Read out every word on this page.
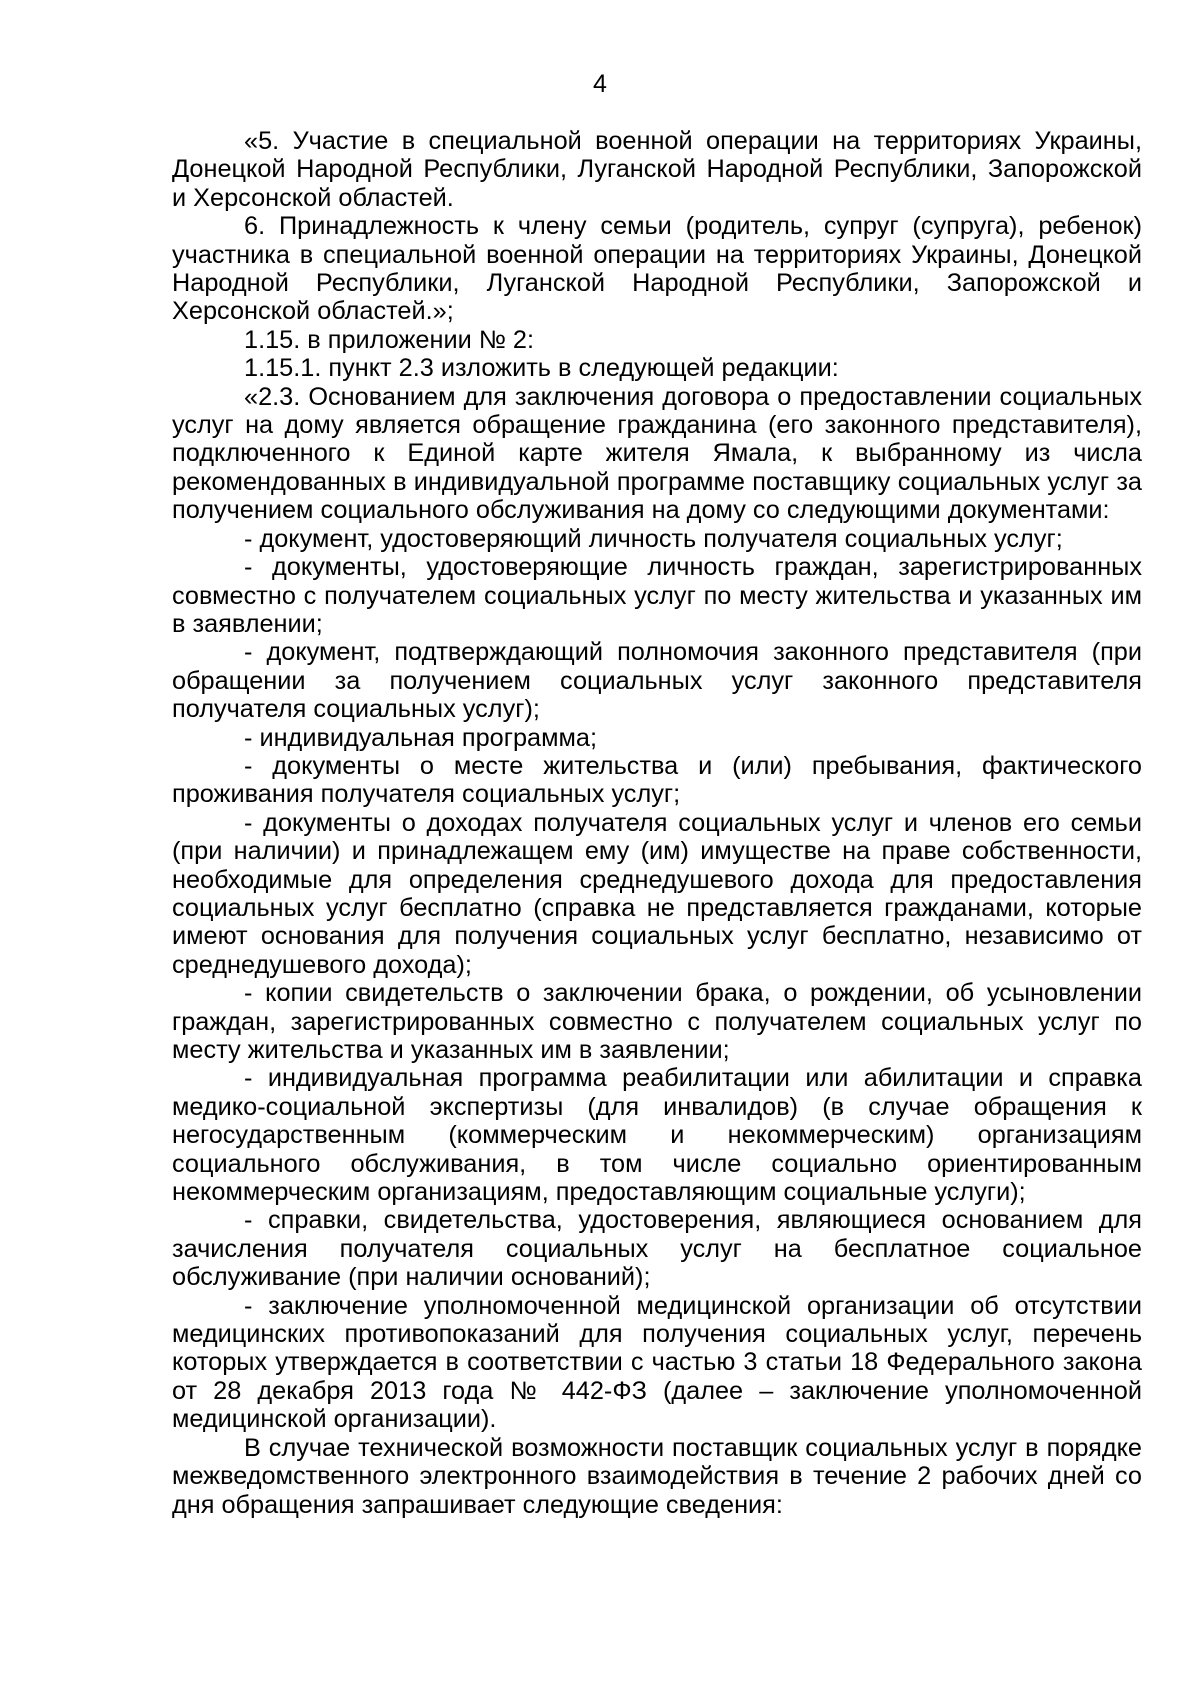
4

«5. Участие в специальной военной операции на территориях Украины, Донецкой Народной Республики, Луганской Народной Республики, Запорожской и Херсонской областей.

6. Принадлежность к члену семьи (родитель, супруг (супруга), ребенок) участника в специальной военной операции на территориях Украины, Донецкой Народной Республики, Луганской Народной Республики, Запорожской и Херсонской областей.»;

1.15. в приложении № 2:

1.15.1. пункт 2.3 изложить в следующей редакции:

«2.3. Основанием для заключения договора о предоставлении социальных услуг на дому является обращение гражданина (его законного представителя), подключенного к Единой карте жителя Ямала, к выбранному из числа рекомендованных в индивидуальной программе поставщику социальных услуг за получением социального обслуживания на дому со следующими документами:

- документ, удостоверяющий личность получателя социальных услуг;

- документы, удостоверяющие личность граждан, зарегистрированных совместно с получателем социальных услуг по месту жительства и указанных им в заявлении;

- документ, подтверждающий полномочия законного представителя (при обращении за получением социальных услуг законного представителя получателя социальных услуг);

- индивидуальная программа;

- документы о месте жительства и (или) пребывания, фактического проживания получателя социальных услуг;

- документы о доходах получателя социальных услуг и членов его семьи (при наличии) и принадлежащем ему (им) имуществе на праве собственности, необходимые для определения среднедушевого дохода для предоставления социальных услуг бесплатно (справка не представляется гражданами, которые имеют основания для получения социальных услуг бесплатно, независимо от среднедушевого дохода);

- копии свидетельств о заключении брака, о рождении, об усыновлении граждан, зарегистрированных совместно с получателем социальных услуг по месту жительства и указанных им в заявлении;

- индивидуальная программа реабилитации или абилитации и справка медико-социальной экспертизы (для инвалидов) (в случае обращения к негосударственным (коммерческим и некоммерческим) организациям социального обслуживания, в том числе социально ориентированным некоммерческим организациям, предоставляющим социальные услуги);

- справки, свидетельства, удостоверения, являющиеся основанием для зачисления получателя социальных услуг на бесплатное социальное обслуживание (при наличии оснований);

- заключение уполномоченной медицинской организации об отсутствии медицинских противопоказаний для получения социальных услуг, перечень которых утверждается в соответствии с частью 3 статьи 18 Федерального закона от 28 декабря 2013 года № 442-ФЗ (далее – заключение уполномоченной медицинской организации).

В случае технической возможности поставщик социальных услуг в порядке межведомственного электронного взаимодействия в течение 2 рабочих дней со дня обращения запрашивает следующие сведения:
